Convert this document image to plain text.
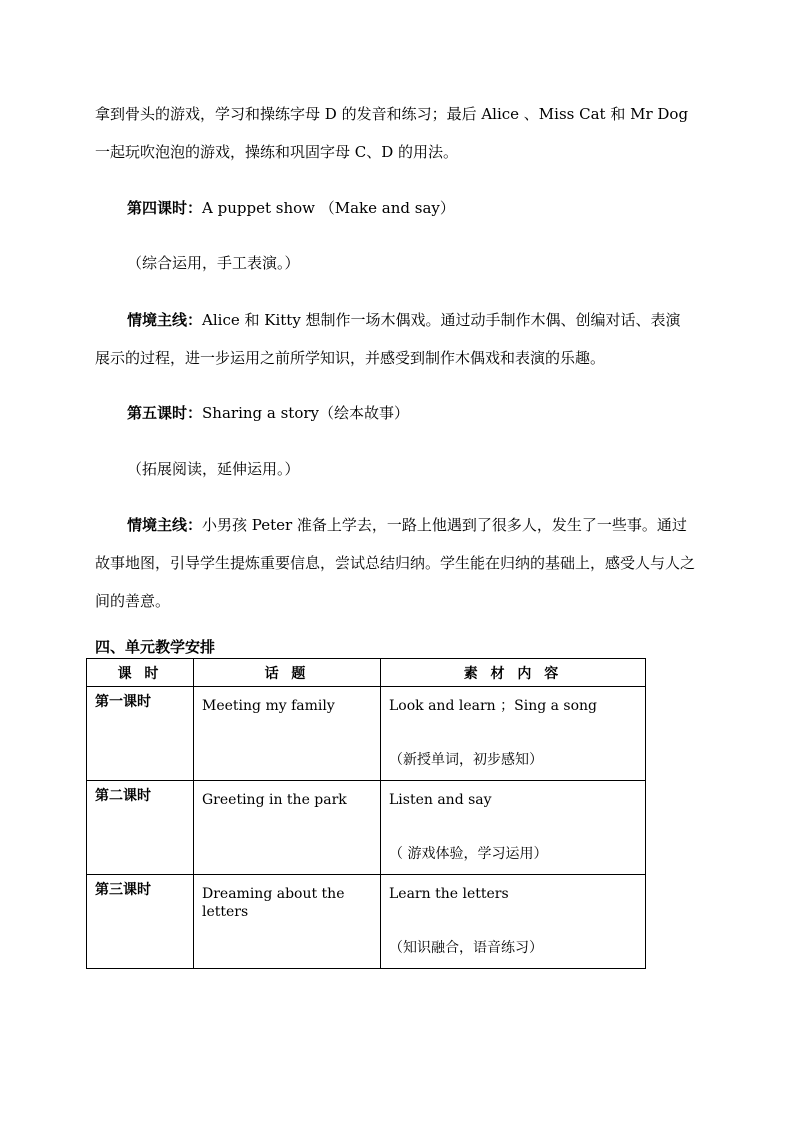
拿到骨头的游戏，学习和操练字母 D 的发音和练习；最后 Alice 、Miss Cat 和 Mr Dog
一起玩吹泡泡的游戏，操练和巩固字母 C、D 的用法。
第四课时：A puppet show （Make and say）
（综合运用，手工表演。）
情境主线：Alice 和 Kitty 想制作一场木偶戏。通过动手制作木偶、创编对话、表演展示的过程，进一步运用之前所学知识，并感受到制作木偶戏和表演的乐趣。
第五课时：Sharing a story（绘本故事）
（拓展阅读，延伸运用。）
情境主线：小男孩 Peter 准备上学去，一路上他遇到了很多人，发生了一些事。通过故事地图，引导学生提炼重要信息，尝试总结归纳。学生能在归纳的基础上，感受人与人之间的善意。
四、单元教学安排
课 时	话 题	素 材 内 容

第一课时	Meeting my family	Look and learn ；Sing a song
（新授单词，初步感知）

第二课时	Greeting in the park	Listen and say
（ 游戏体验，学习运用）

第三课时	Dreaming about the letters	Learn the letters
（知识融合，语音练习）
